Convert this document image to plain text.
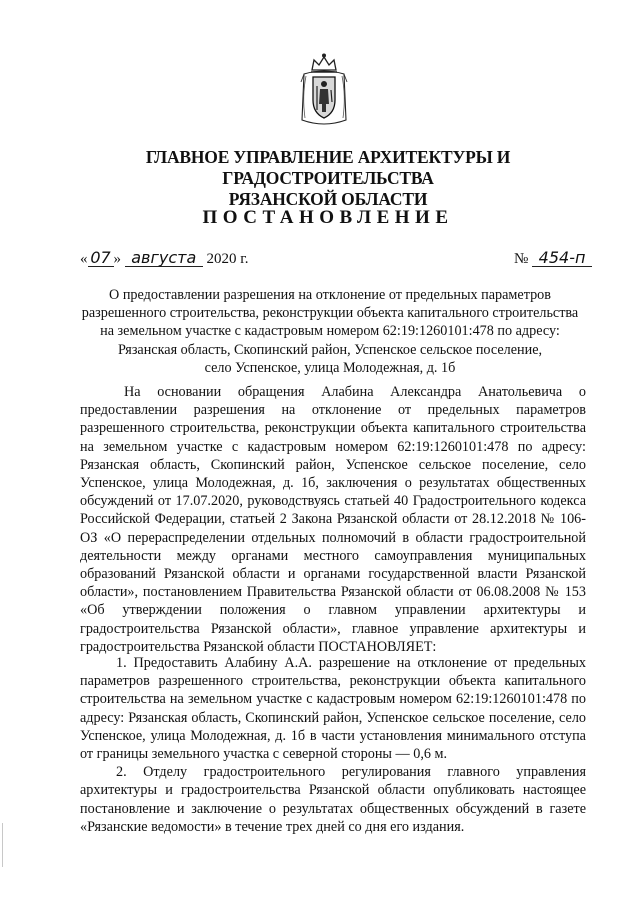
ГЛАВНОЕ УПРАВЛЕНИЕ АРХИТЕКТУРЫ И ГРАДОСТРОИТЕЛЬСТВА
РЯЗАНСКОЙ ОБЛАСТИ
ПОСТАНОВЛЕНИЕ
« 07 » августа 2020 г.	№ 454-п
О предоставлении разрешения на отклонение от предельных параметров
разрешенного строительства, реконструкции объекта капитального строительства
на земельном участке с кадастровым номером 62:19:1260101:478 по адресу:
Рязанская область, Скопинский район, Успенское сельское поселение,
село Успенское, улица Молодежная, д. 1б

На основании обращения Алабина Александра Анатольевича о предоставлении разрешения на отклонение от предельных параметров разрешенного строительства, реконструкции объекта капитального строительства на земельном участке с кадастровым номером 62:19:1260101:478 по адресу: Рязанская область, Скопинский район, Успенское сельское поселение, село Успенское, улица Молодежная, д. 1б, заключения о результатах общественных обсуждений от 17.07.2020, руководствуясь статьей 40 Градостроительного кодекса Российской Федерации, статьей 2 Закона Рязанской области от 28.12.2018 № 106-ОЗ «О перераспределении отдельных полномочий в области градостроительной деятельности между органами местного самоуправления муниципальных образований Рязанской области и органами государственной власти Рязанской области», постановлением Правительства Рязанской области от 06.08.2008 № 153 «Об утверждении положения о главном управлении архитектуры и градостроительства Рязанской области», главное управление архитектуры и градостроительства Рязанской области ПОСТАНОВЛЯЕТ:

1. Предоставить Алабину А.А. разрешение на отклонение от предельных параметров разрешенного строительства, реконструкции объекта капитального строительства на земельном участке с кадастровым номером 62:19:1260101:478 по адресу: Рязанская область, Скопинский район, Успенское сельское поселение, село Успенское, улица Молодежная, д. 1б в части установления минимального отступа от границы земельного участка с северной стороны — 0,6 м.

2. Отделу градостроительного регулирования главного управления архитектуры и градостроительства Рязанской области опубликовать настоящее постановление и заключение о результатах общественных обсуждений в газете «Рязанские ведомости» в течение трех дней со дня его издания.
